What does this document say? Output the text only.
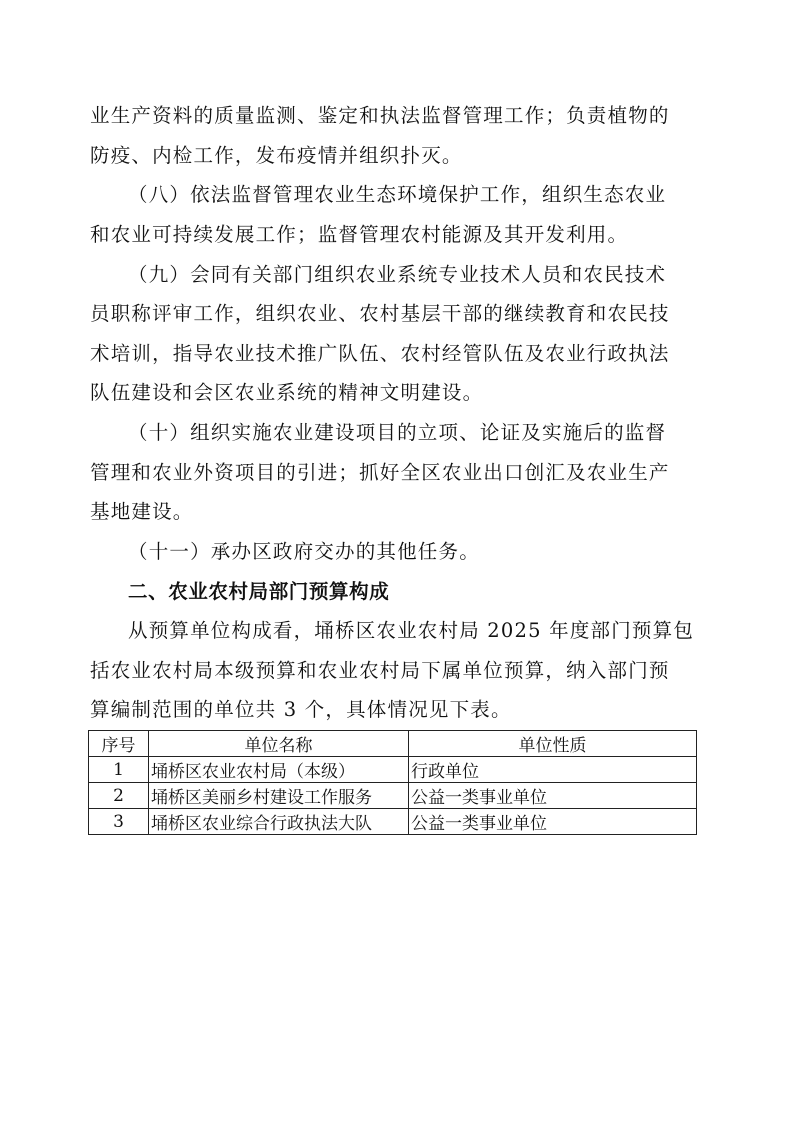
业生产资料的质量监测、鉴定和执法监督管理工作；负责植物的
防疫、内检工作，发布疫情并组织扑灭。
（八）依法监督管理农业生态环境保护工作，组织生态农业
和农业可持续发展工作；监督管理农村能源及其开发利用。
（九）会同有关部门组织农业系统专业技术人员和农民技术
员职称评审工作，组织农业、农村基层干部的继续教育和农民技
术培训，指导农业技术推广队伍、农村经管队伍及农业行政执法
队伍建设和会区农业系统的精神文明建设。
（十）组织实施农业建设项目的立项、论证及实施后的监督
管理和农业外资项目的引进；抓好全区农业出口创汇及农业生产
基地建设。
（十一）承办区政府交办的其他任务。
二、农业农村局部门预算构成
从预算单位构成看，埇桥区农业农村局 2025 年度部门预算包
括农业农村局本级预算和农业农村局下属单位预算，纳入部门预
算编制范围的单位共 3 个，具体情况见下表。
序号	单位名称	单位性质
1	埇桥区农业农村局（本级）	行政单位
2	埇桥区美丽乡村建设工作服务	公益一类事业单位
3	埇桥区农业综合行政执法大队	公益一类事业单位
